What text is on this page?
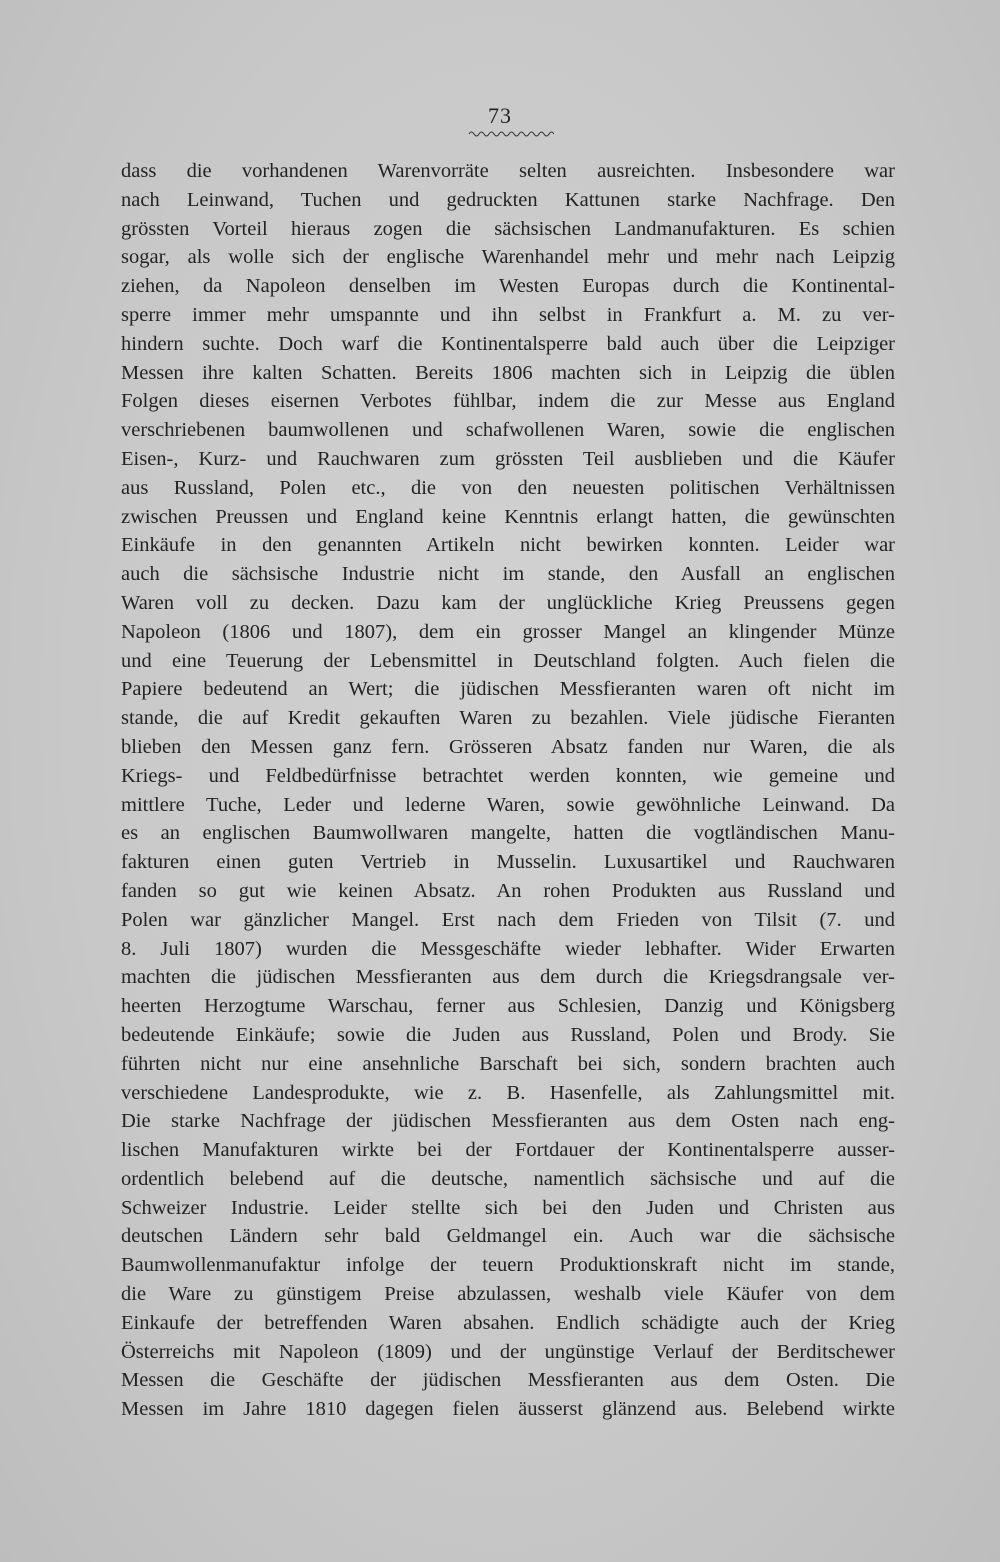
73
dass die vorhandenen Warenvorräte selten ausreichten. Insbesondere war
nach Leinwand, Tuchen und gedruckten Kattunen starke Nachfrage. Den
grössten Vorteil hieraus zogen die sächsischen Landmanufakturen. Es schien
sogar, als wolle sich der englische Warenhandel mehr und mehr nach Leipzig
ziehen, da Napoleon denselben im Westen Europas durch die Kontinental-
sperre immer mehr umspannte und ihn selbst in Frankfurt a. M. zu ver-
hindern suchte. Doch warf die Kontinentalsperre bald auch über die Leipziger
Messen ihre kalten Schatten. Bereits 1806 machten sich in Leipzig die üblen
Folgen dieses eisernen Verbotes fühlbar, indem die zur Messe aus England
verschriebenen baumwollenen und schafwollenen Waren, sowie die englischen
Eisen-, Kurz- und Rauchwaren zum grössten Teil ausblieben und die Käufer
aus Russland, Polen etc., die von den neuesten politischen Verhältnissen
zwischen Preussen und England keine Kenntnis erlangt hatten, die gewünschten
Einkäufe in den genannten Artikeln nicht bewirken konnten. Leider war
auch die sächsische Industrie nicht im stande, den Ausfall an englischen
Waren voll zu decken. Dazu kam der unglückliche Krieg Preussens gegen
Napoleon (1806 und 1807), dem ein grosser Mangel an klingender Münze
und eine Teuerung der Lebensmittel in Deutschland folgten. Auch fielen die
Papiere bedeutend an Wert; die jüdischen Messfieranten waren oft nicht im
stande, die auf Kredit gekauften Waren zu bezahlen. Viele jüdische Fieranten
blieben den Messen ganz fern. Grösseren Absatz fanden nur Waren, die als
Kriegs- und Feldbedürfnisse betrachtet werden konnten, wie gemeine und
mittlere Tuche, Leder und lederne Waren, sowie gewöhnliche Leinwand. Da
es an englischen Baumwollwaren mangelte, hatten die vogtländischen Manu-
fakturen einen guten Vertrieb in Musselin. Luxusartikel und Rauchwaren
fanden so gut wie keinen Absatz. An rohen Produkten aus Russland und
Polen war gänzlicher Mangel. Erst nach dem Frieden von Tilsit (7. und
8. Juli 1807) wurden die Messgeschäfte wieder lebhafter. Wider Erwarten
machten die jüdischen Messfieranten aus dem durch die Kriegsdrangsale ver-
heerten Herzogtume Warschau, ferner aus Schlesien, Danzig und Königsberg
bedeutende Einkäufe; sowie die Juden aus Russland, Polen und Brody. Sie
führten nicht nur eine ansehnliche Barschaft bei sich, sondern brachten auch
verschiedene Landesprodukte, wie z. B. Hasenfelle, als Zahlungsmittel mit.
Die starke Nachfrage der jüdischen Messfieranten aus dem Osten nach eng-
lischen Manufakturen wirkte bei der Fortdauer der Kontinentalsperre ausser-
ordentlich belebend auf die deutsche, namentlich sächsische und auf die
Schweizer Industrie. Leider stellte sich bei den Juden und Christen aus
deutschen Ländern sehr bald Geldmangel ein. Auch war die sächsische
Baumwollenmanufaktur infolge der teuern Produktionskraft nicht im stande,
die Ware zu günstigem Preise abzulassen, weshalb viele Käufer von dem
Einkaufe der betreffenden Waren absahen. Endlich schädigte auch der Krieg
Österreichs mit Napoleon (1809) und der ungünstige Verlauf der Berditschewer
Messen die Geschäfte der jüdischen Messfieranten aus dem Osten. Die
Messen im Jahre 1810 dagegen fielen äusserst glänzend aus. Belebend wirkte
